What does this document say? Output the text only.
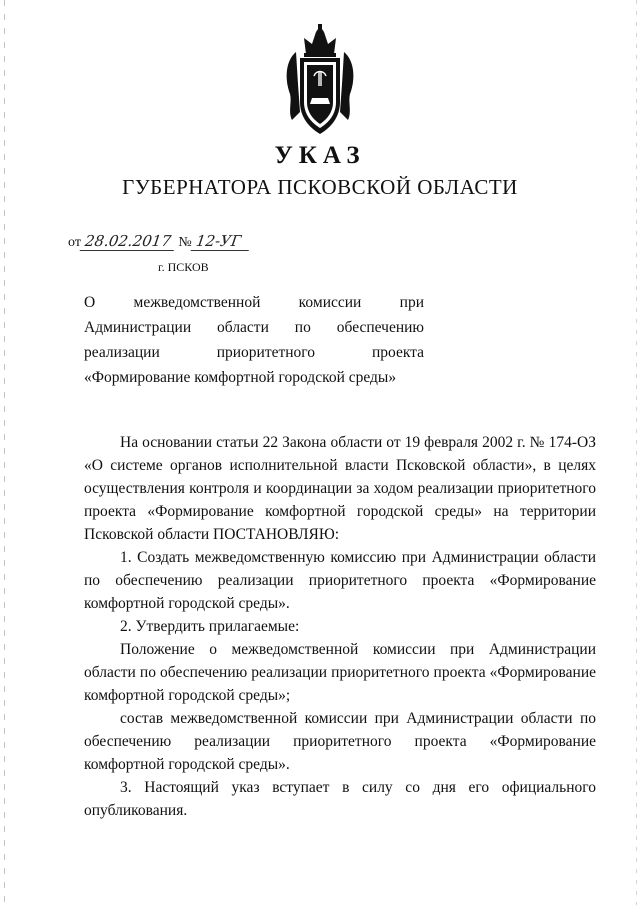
УКАЗ
ГУБЕРНАТОРА ПСКОВСКОЙ ОБЛАСТИ
от 28.02.2017 № 12-УГ
г. ПСКОВ
О межведомственной комиссии при
Администрации области по обеспечению
реализации приоритетного проекта
«Формирование комфортной городской среды»

На основании статьи 22 Закона области от 19 февраля 2002 г. № 174-ОЗ «О системе органов исполнительной власти Псковской области», в целях осуществления контроля и координации за ходом реализации приоритетного проекта «Формирование комфортной городской среды» на территории Псковской области ПОСТАНОВЛЯЮ:

1. Создать межведомственную комиссию при Администрации области по обеспечению реализации приоритетного проекта «Формирование комфортной городской среды».

2. Утвердить прилагаемые:

Положение о межведомственной комиссии при Администрации области по обеспечению реализации приоритетного проекта «Формирование комфортной городской среды»;

состав межведомственной комиссии при Администрации области по обеспечению реализации приоритетного проекта «Формирование комфортной городской среды».

3. Настоящий указ вступает в силу со дня его официального опубликования.
